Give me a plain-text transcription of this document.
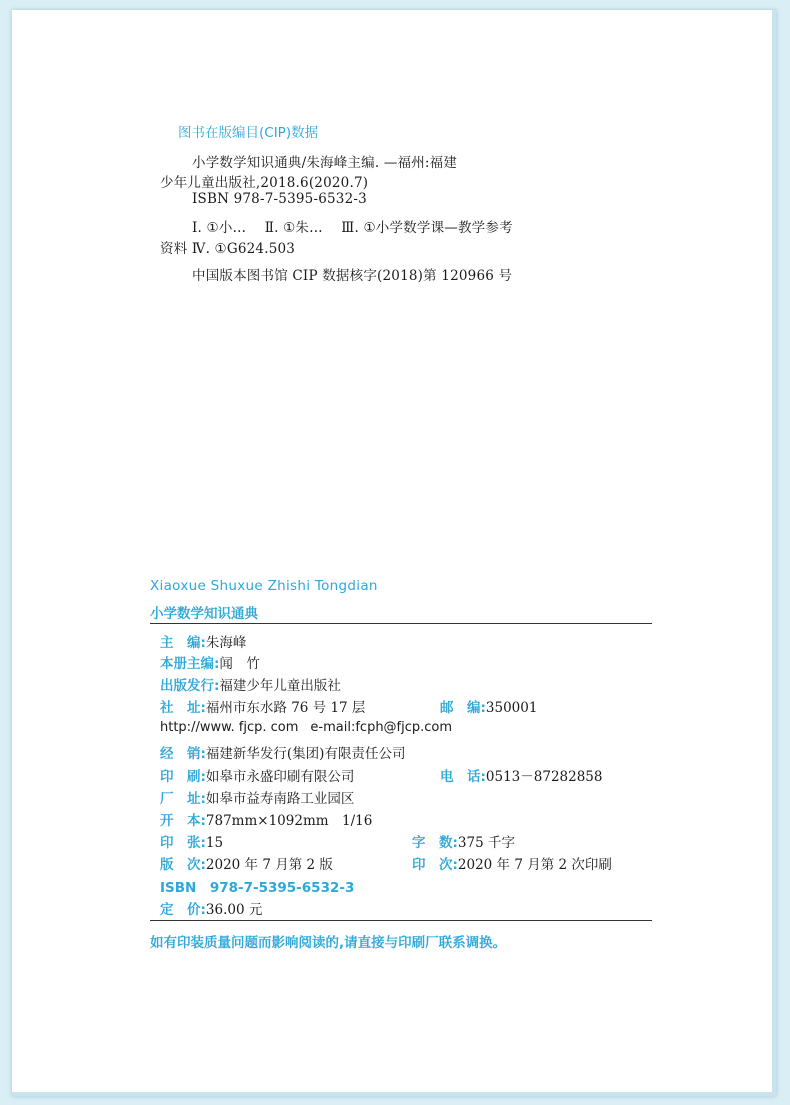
图书在版编目(CIP)数据
小学数学知识通典/朱海峰主编. —福州:福建
少年儿童出版社,2018.6(2020.7)
ISBN 978-7-5395-6532-3
Ⅰ. ①小… Ⅱ. ①朱… Ⅲ. ①小学数学课—教学参考
资料 Ⅳ. ①G624.503
中国版本图书馆 CIP 数据核字(2018)第 120966 号
Xiaoxue Shuxue Zhishi Tongdian
小学数学知识通典
主　编:朱海峰
本册主编:闻　竹
出版发行:福建少年儿童出版社
社　址:福州市东水路 76 号 17 层	邮　编:350001
http://www. fjcp. com e-mail:fcph@fjcp.com
经　销:福建新华发行(集团)有限责任公司
印　刷:如皋市永盛印刷有限公司	电　话:0513－87282858
厂　址:如皋市益寿南路工业园区
开　本:787mm×1092mm　1/16
印　张:15	字　数:375 千字
版　次:2020 年 7 月第 2 版	印　次:2020 年 7 月第 2 次印刷
ISBN　978-7-5395-6532-3
定　价:36.00 元
如有印装质量问题而影响阅读的,请直接与印刷厂联系调换。
